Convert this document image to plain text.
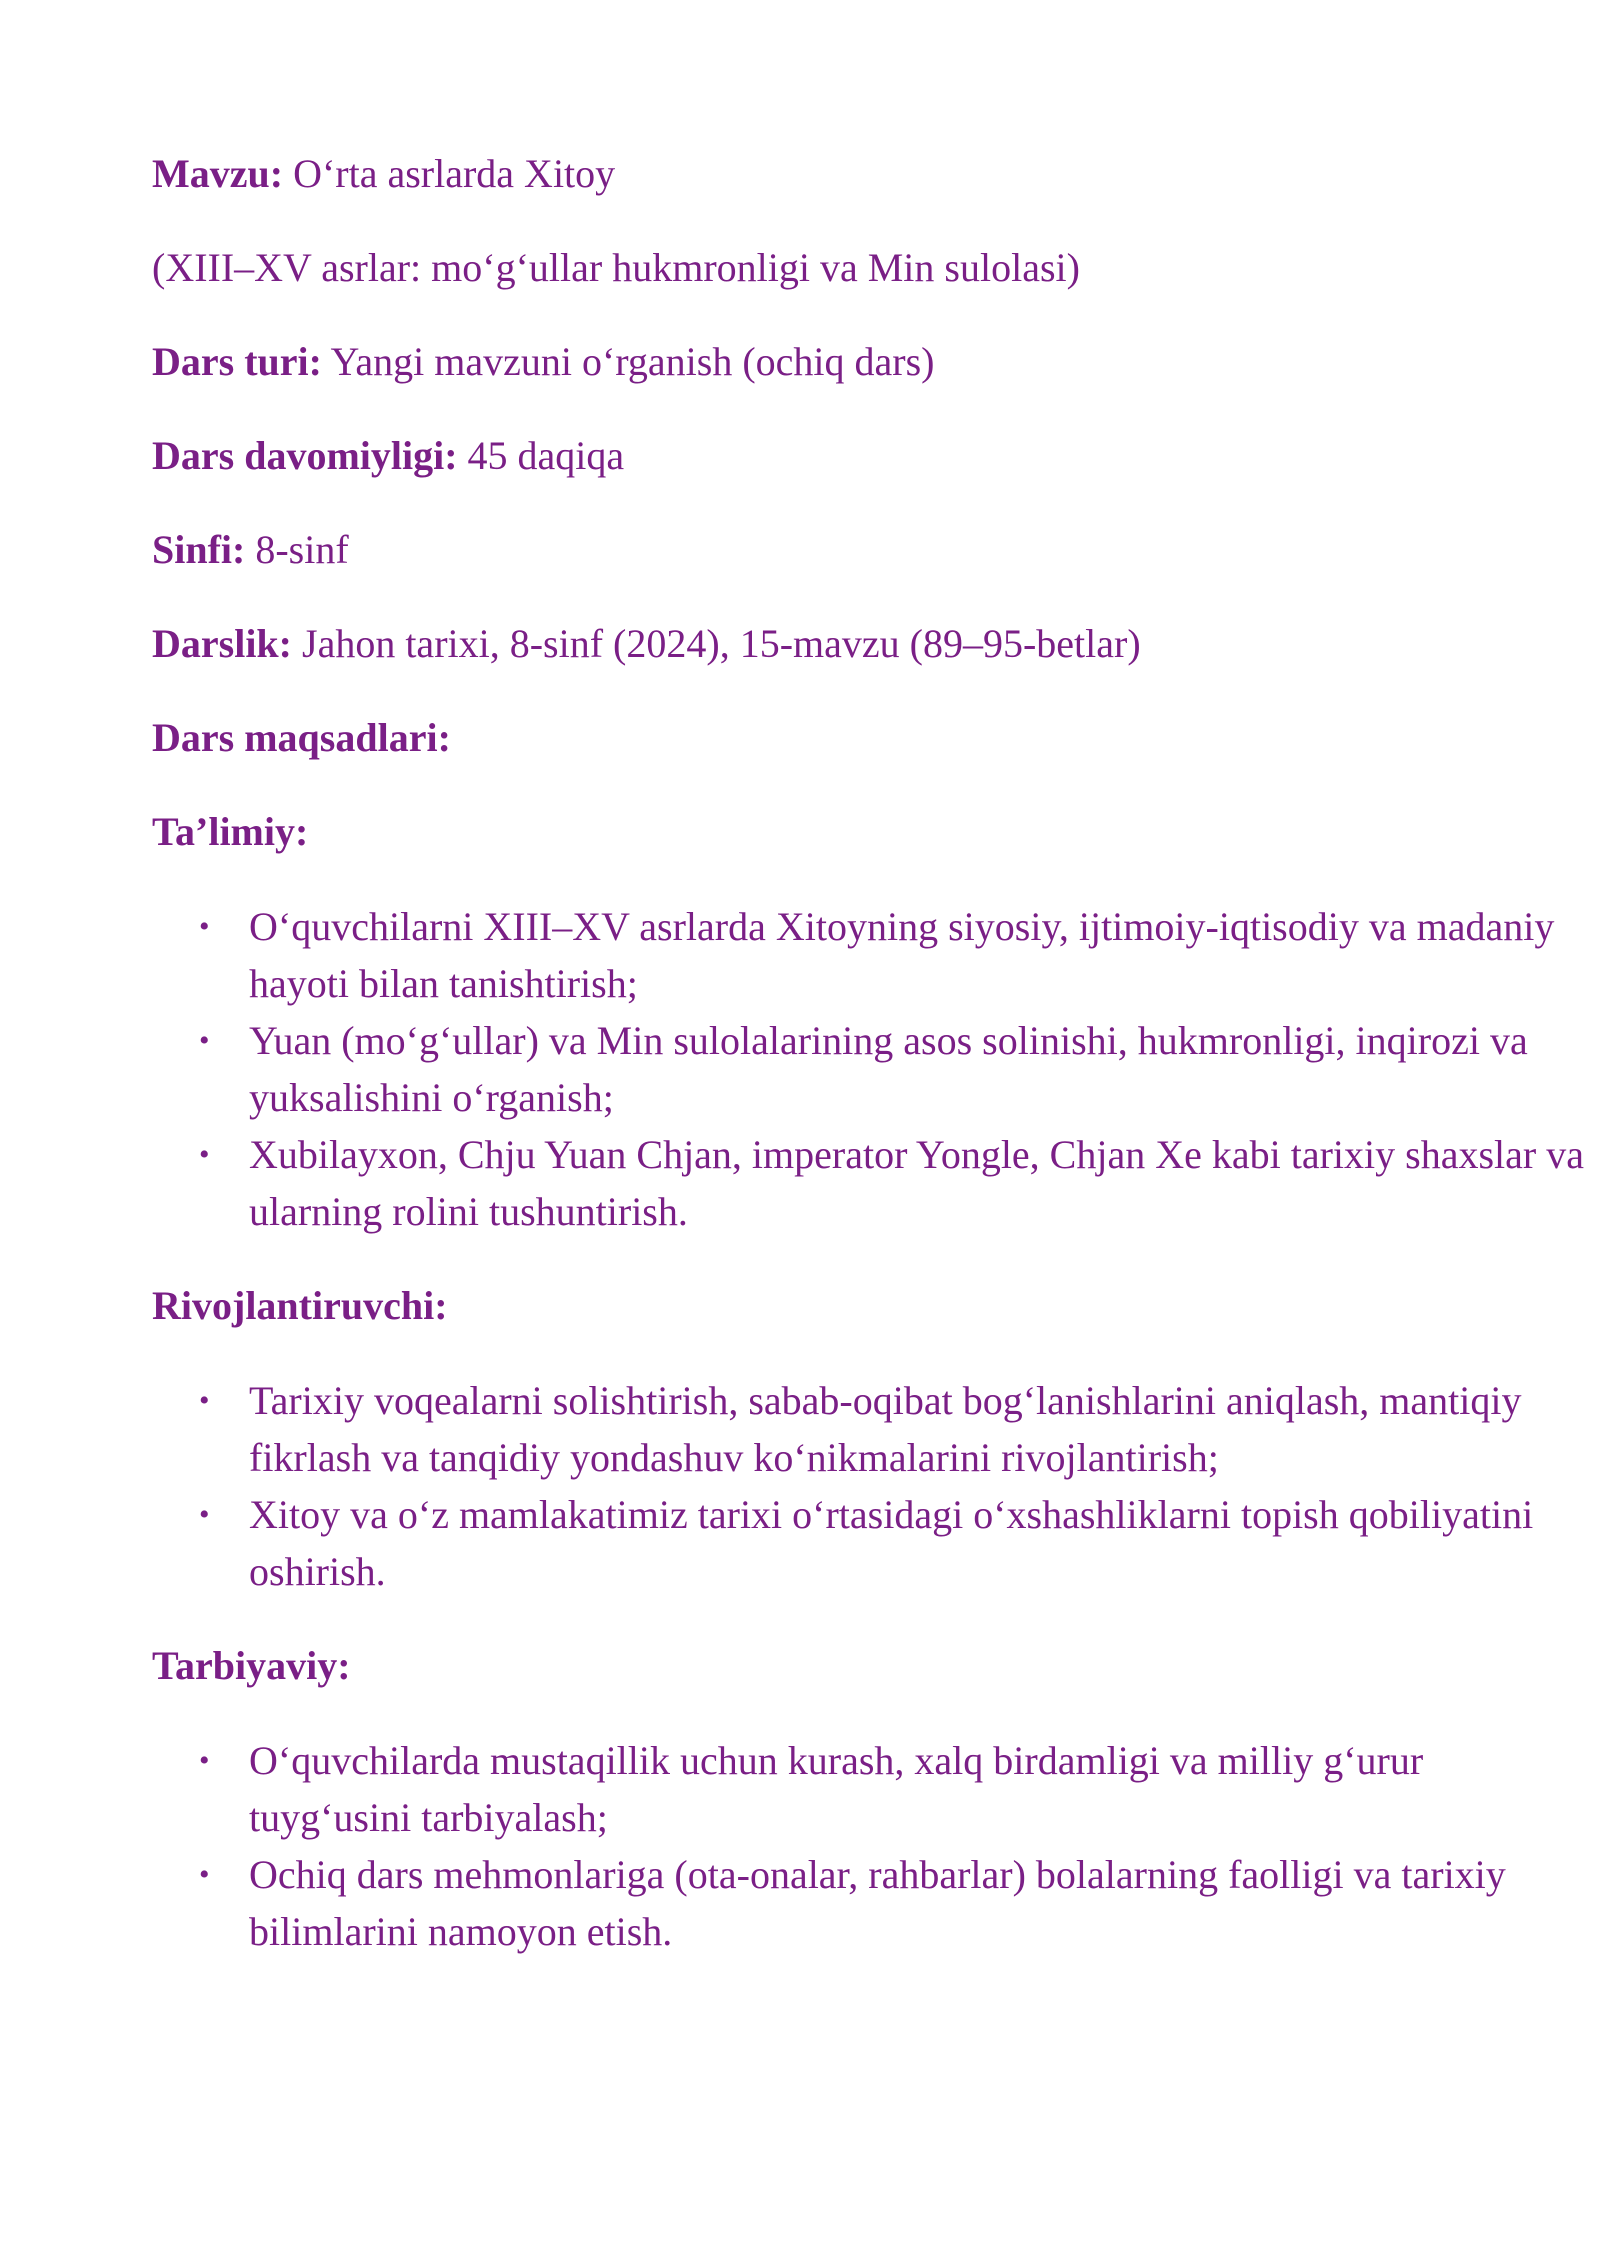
Mavzu: O‘rta asrlarda Xitoy

(XIII–XV asrlar: mo‘g‘ullar hukmronligi va Min sulolasi)

Dars turi: Yangi mavzuni o‘rganish (ochiq dars)

Dars davomiyligi: 45 daqiqa

Sinfi: 8-sinf

Darslik: Jahon tarixi, 8-sinf (2024), 15-mavzu (89–95-betlar)

Dars maqsadlari:

Ta’limiy:

• O‘quvchilarni XIII–XV asrlarda Xitoyning siyosiy, ijtimoiy-iqtisodiy va madaniy hayoti bilan tanishtirish;
• Yuan (mo‘g‘ullar) va Min sulolalarining asos solinishi, hukmronligi, inqirozi va yuksalishini o‘rganish;
• Xubilayxon, Chju Yuan Chjan, imperator Yongle, Chjan Xe kabi tarixiy shaxslar va ularning rolini tushuntirish.

Rivojlantiruvchi:

• Tarixiy voqealarni solishtirish, sabab-oqibat bog‘lanishlarini aniqlash, mantiqiy fikrlash va tanqidiy yondashuv ko‘nikmalarini rivojlantirish;
• Xitoy va o‘z mamlakatimiz tarixi o‘rtasidagi o‘xshashliklarni topish qobiliyatini oshirish.

Tarbiyaviy:

• O‘quvchilarda mustaqillik uchun kurash, xalq birdamligi va milliy g‘urur tuyg‘usini tarbiyalash;
• Ochiq dars mehmonlariga (ota-onalar, rahbarlar) bolalarning faolligi va tarixiy bilimlarini namoyon etish.
